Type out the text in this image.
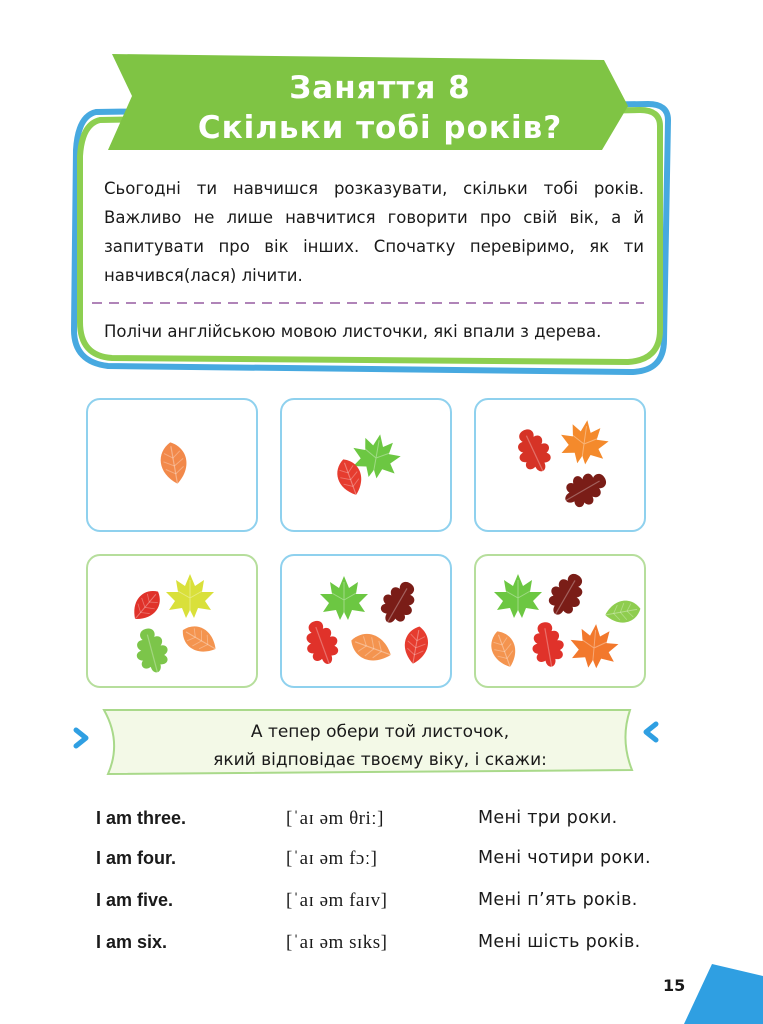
Заняття 8
Скільки тобі років?
Сьогодні ти навчишся розказувати, скільки тобі років. Важливо не лише навчитися говорити про свій вік, а й запитувати про вік інших. Спочатку перевіримо, як ти навчився(лася) лічити.
Полічи англійською мовою листочки, які впали з дерева.
А тепер обери той листочок,
який відповідає твоєму віку, і скажи:
I am three.	[ˈaɪ əm θriː]	Мені три роки.
I am four.	[ˈaɪ əm fɔː]	Мені чотири роки.
I am five.	[ˈaɪ əm faɪv]	Мені п’ять років.
I am six.	[ˈaɪ əm sɪks]	Мені шість років.
15
